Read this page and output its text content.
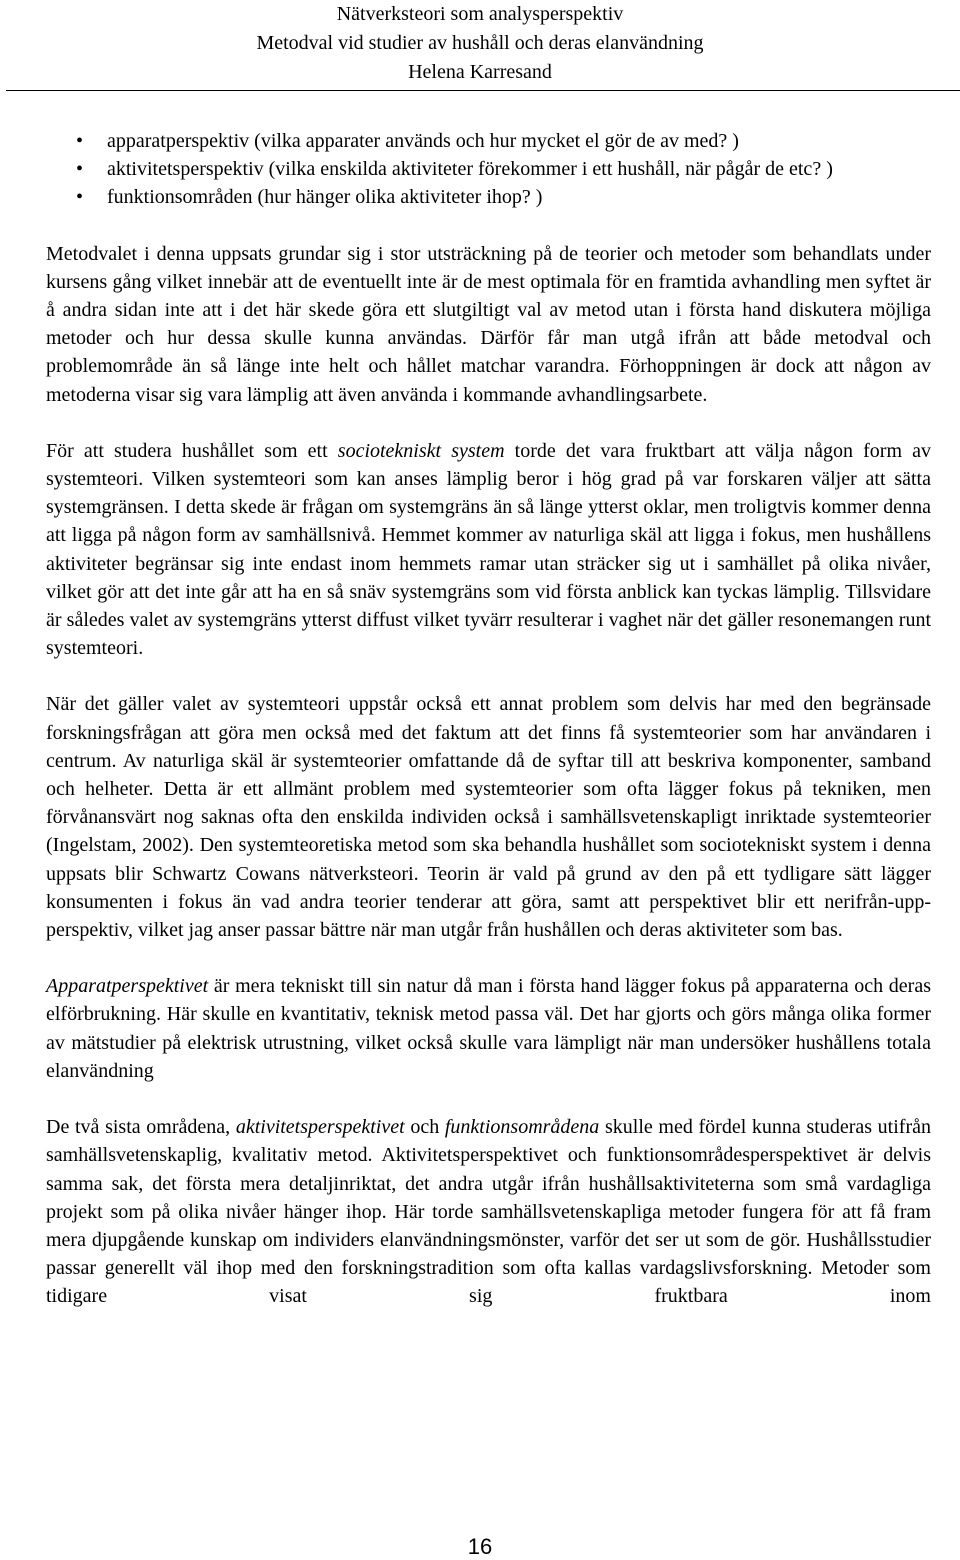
Nätverksteori som analysperspektiv
Metodval vid studier av hushåll och deras elanvändning
Helena Karresand
• apparatperspektiv (vilka apparater används och hur mycket el gör de av med? )
• aktivitetsperspektiv (vilka enskilda aktiviteter förekommer i ett hushåll, när pågår de etc? )
• funktionsområden (hur hänger olika aktiviteter ihop? )

Metodvalet i denna uppsats grundar sig i stor utsträckning på de teorier och metoder som behandlats under kursens gång vilket innebär att de eventuellt inte är de mest optimala för en framtida avhandling men syftet är å andra sidan inte att i det här skede göra ett slutgiltigt val av metod utan i första hand diskutera möjliga metoder och hur dessa skulle kunna användas. Därför får man utgå ifrån att både metodval och problemområde än så länge inte helt och hållet matchar varandra. Förhoppningen är dock att någon av metoderna visar sig vara lämplig att även använda i kommande avhandlingsarbete.

För att studera hushållet som ett sociotekniskt system torde det vara fruktbart att välja någon form av systemteori. Vilken systemteori som kan anses lämplig beror i hög grad på var forskaren väljer att sätta systemgränsen. I detta skede är frågan om systemgräns än så länge ytterst oklar, men troligtvis kommer denna att ligga på någon form av samhällsnivå. Hemmet kommer av naturliga skäl att ligga i fokus, men hushållens aktiviteter begränsar sig inte endast inom hemmets ramar utan sträcker sig ut i samhället på olika nivåer, vilket gör att det inte går att ha en så snäv systemgräns som vid första anblick kan tyckas lämplig. Tillsvidare är således valet av systemgräns ytterst diffust vilket tyvärr resulterar i vaghet när det gäller resonemangen runt systemteori.

När det gäller valet av systemteori uppstår också ett annat problem som delvis har med den begränsade forskningsfrågan att göra men också med det faktum att det finns få systemteorier som har användaren i centrum. Av naturliga skäl är systemteorier omfattande då de syftar till att beskriva komponenter, samband och helheter. Detta är ett allmänt problem med systemteorier som ofta lägger fokus på tekniken, men förvånansvärt nog saknas ofta den enskilda individen också i samhällsvetenskapligt inriktade systemteorier (Ingelstam, 2002). Den systemteoretiska metod som ska behandla hushållet som sociotekniskt system i denna uppsats blir Schwartz Cowans nätverksteori. Teorin är vald på grund av den på ett tydligare sätt lägger konsumenten i fokus än vad andra teorier tenderar att göra, samt att perspektivet blir ett nerifrån-upp-perspektiv, vilket jag anser passar bättre när man utgår från hushållen och deras aktiviteter som bas.

Apparatperspektivet är mera tekniskt till sin natur då man i första hand lägger fokus på apparaterna och deras elförbrukning. Här skulle en kvantitativ, teknisk metod passa väl. Det har gjorts och görs många olika former av mätstudier på elektrisk utrustning, vilket också skulle vara lämpligt när man undersöker hushållens totala elanvändning

De två sista områdena, aktivitetsperspektivet och funktionsområdena skulle med fördel kunna studeras utifrån samhällsvetenskaplig, kvalitativ metod. Aktivitetsperspektivet och funktionsområdesperspektivet är delvis samma sak, det första mera detaljinriktat, det andra utgår ifrån hushållsaktiviteterna som små vardagliga projekt som på olika nivåer hänger ihop. Här torde samhällsvetenskapliga metoder fungera för att få fram mera djupgående kunskap om individers elanvändningsmönster, varför det ser ut som de gör. Hushållsstudier passar generellt väl ihop med den forskningstradition som ofta kallas vardagslivsforskning. Metoder som tidigare visat sig fruktbara inom

16
